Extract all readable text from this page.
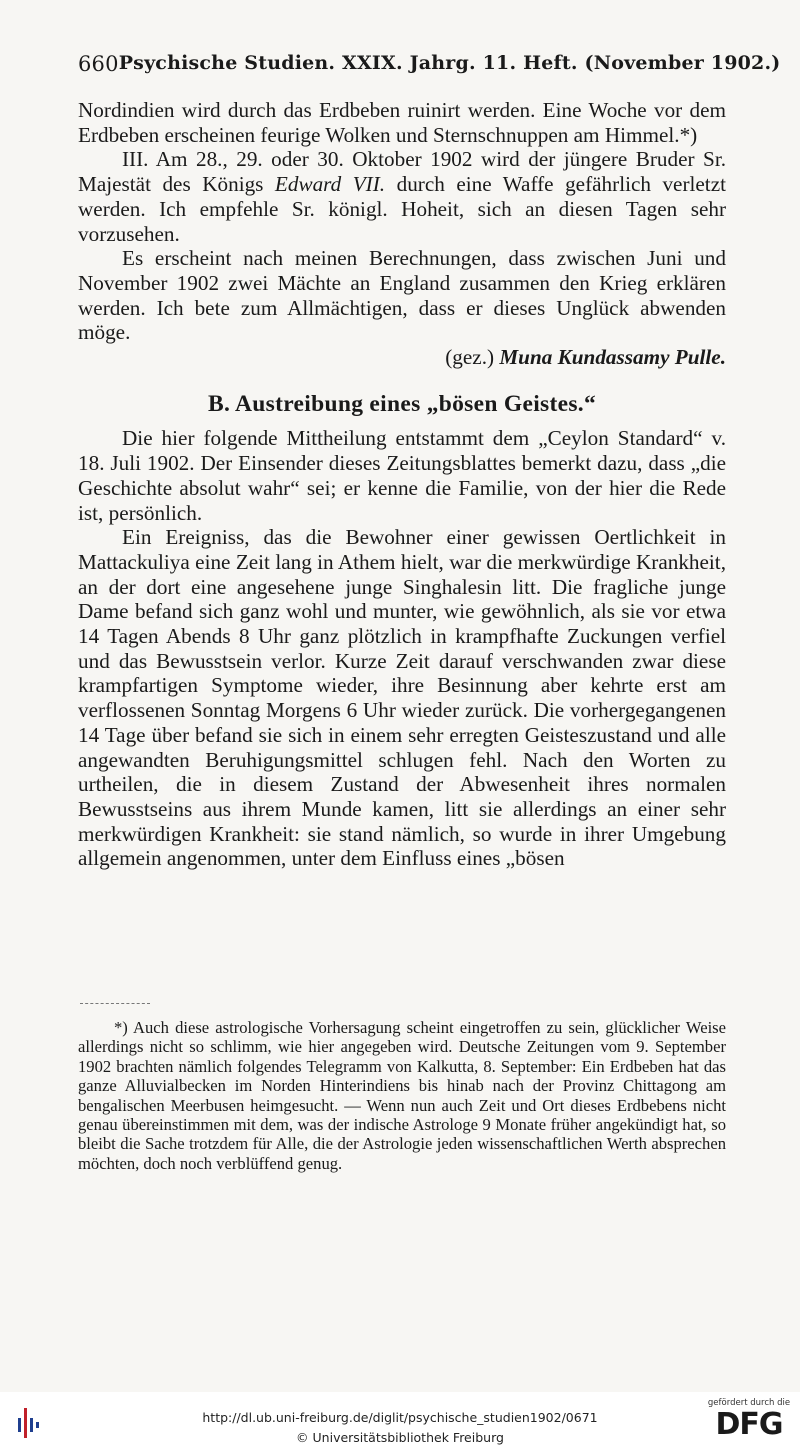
660 Psychische Studien. XXIX. Jahrg. 11. Heft. (November 1902.)

Nordindien wird durch das Erdbeben ruinirt werden. Eine Woche vor dem Erdbeben erscheinen feurige Wolken und Sternschnuppen am Himmel.*)

III. Am 28., 29. oder 30. Oktober 1902 wird der jüngere Bruder Sr. Majestät des Königs Edward VII. durch eine Waffe gefährlich verletzt werden. Ich empfehle Sr. königl. Hoheit, sich an diesen Tagen sehr vorzusehen.

Es erscheint nach meinen Berechnungen, dass zwischen Juni und November 1902 zwei Mächte an England zusammen den Krieg erklären werden. Ich bete zum Allmächtigen, dass er dieses Unglück abwenden möge.

(gez.) Muna Kundassamy Pulle.

B. Austreibung eines „bösen Geistes.“

Die hier folgende Mittheilung entstammt dem „Ceylon Standard“ v. 18. Juli 1902. Der Einsender dieses Zeitungsblattes bemerkt dazu, dass „die Geschichte absolut wahr“ sei; er kenne die Familie, von der hier die Rede ist, persönlich.

Ein Ereigniss, das die Bewohner einer gewissen Oertlichkeit in Mattackuliya eine Zeit lang in Athem hielt, war die merkwürdige Krankheit, an der dort eine angesehene junge Singhalesin litt. Die fragliche junge Dame befand sich ganz wohl und munter, wie gewöhnlich, als sie vor etwa 14 Tagen Abends 8 Uhr ganz plötzlich in krampfhafte Zuckungen verfiel und das Bewusstsein verlor. Kurze Zeit darauf verschwanden zwar diese krampfartigen Symptome wieder, ihre Besinnung aber kehrte erst am verflossenen Sonntag Morgens 6 Uhr wieder zurück. Die vorhergegangenen 14 Tage über befand sie sich in einem sehr erregten Geisteszustand und alle angewandten Beruhigungsmittel schlugen fehl. Nach den Worten zu urtheilen, die in diesem Zustand der Abwesenheit ihres normalen Bewusstseins aus ihrem Munde kamen, litt sie allerdings an einer sehr merkwürdigen Krankheit: sie stand nämlich, so wurde in ihrer Umgebung allgemein angenommen, unter dem Einfluss eines „bösen

*) Auch diese astrologische Vorhersagung scheint eingetroffen zu sein, glücklicher Weise allerdings nicht so schlimm, wie hier angegeben wird. Deutsche Zeitungen vom 9. September 1902 brachten nämlich folgendes Telegramm von Kalkutta, 8. September: Ein Erdbeben hat das ganze Alluvialbecken im Norden Hinterindiens bis hinab nach der Provinz Chittagong am bengalischen Meerbusen heimgesucht. — Wenn nun auch Zeit und Ort dieses Erdbebens nicht genau übereinstimmen mit dem, was der indische Astrologe 9 Monate früher angekündigt hat, so bleibt die Sache trotzdem für Alle, die der Astrologie jeden wissenschaftlichen Werth absprechen möchten, doch noch verblüffend genug.

http://dl.ub.uni-freiburg.de/diglit/psychische_studien1902/0671
© Universitätsbibliothek Freiburg
gefördert durch die
DFG
